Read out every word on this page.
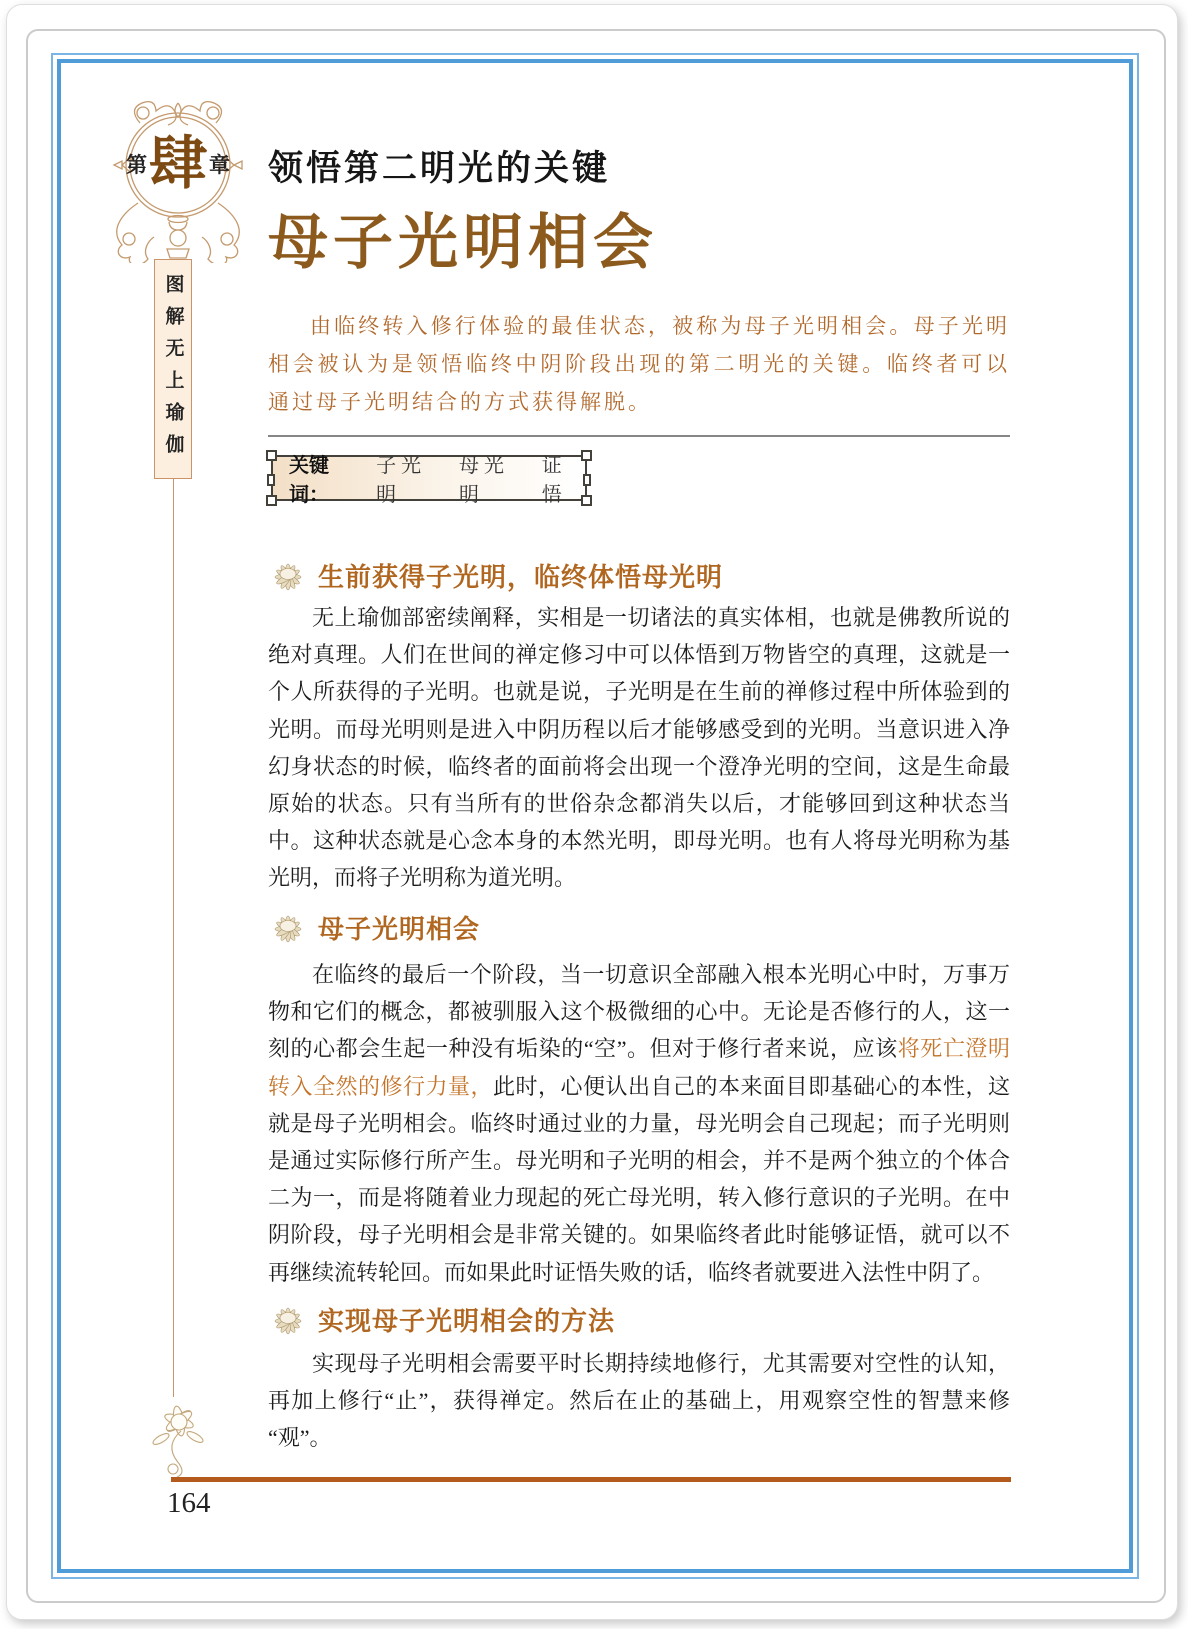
第 肆 章
图解无上瑜伽
领悟第二明光的关键
母子光明相会
由临终转入修行体验的最佳状态，被称为母子光明相会。母子光明相会被认为是领悟临终中阴阶段出现的第二明光的关键。临终者可以通过母子光明结合的方式获得解脱。
关键词：
子光明
母光明
证悟
生前获得子光明，临终体悟母光明

无上瑜伽部密续阐释，实相是一切诸法的真实体相，也就是佛教所说的绝对真理。人们在世间的禅定修习中可以体悟到万物皆空的真理，这就是一个人所获得的子光明。也就是说，子光明是在生前的禅修过程中所体验到的光明。而母光明则是进入中阴历程以后才能够感受到的光明。当意识进入净幻身状态的时候，临终者的面前将会出现一个澄净光明的空间，这是生命最原始的状态。只有当所有的世俗杂念都消失以后，才能够回到这种状态当中。这种状态就是心念本身的本然光明，即母光明。也有人将母光明称为基光明，而将子光明称为道光明。

母子光明相会

在临终的最后一个阶段，当一切意识全部融入根本光明心中时，万事万物和它们的概念，都被驯服入这个极微细的心中。无论是否修行的人，这一刻的心都会生起一种没有垢染的“空”。但对于修行者来说，应该将死亡澄明转入全然的修行力量，此时，心便认出自己的本来面目即基础心的本性，这就是母子光明相会。临终时通过业的力量，母光明会自己现起；而子光明则是通过实际修行所产生。母光明和子光明的相会，并不是两个独立的个体合二为一，而是将随着业力现起的死亡母光明，转入修行意识的子光明。在中阴阶段，母子光明相会是非常关键的。如果临终者此时能够证悟，就可以不再继续流转轮回。而如果此时证悟失败的话，临终者就要进入法性中阴了。

实现母子光明相会的方法

实现母子光明相会需要平时长期持续地修行，尤其需要对空性的认知，再加上修行“止”，获得禅定。然后在止的基础上，用观察空性的智慧来修“观”。

164
